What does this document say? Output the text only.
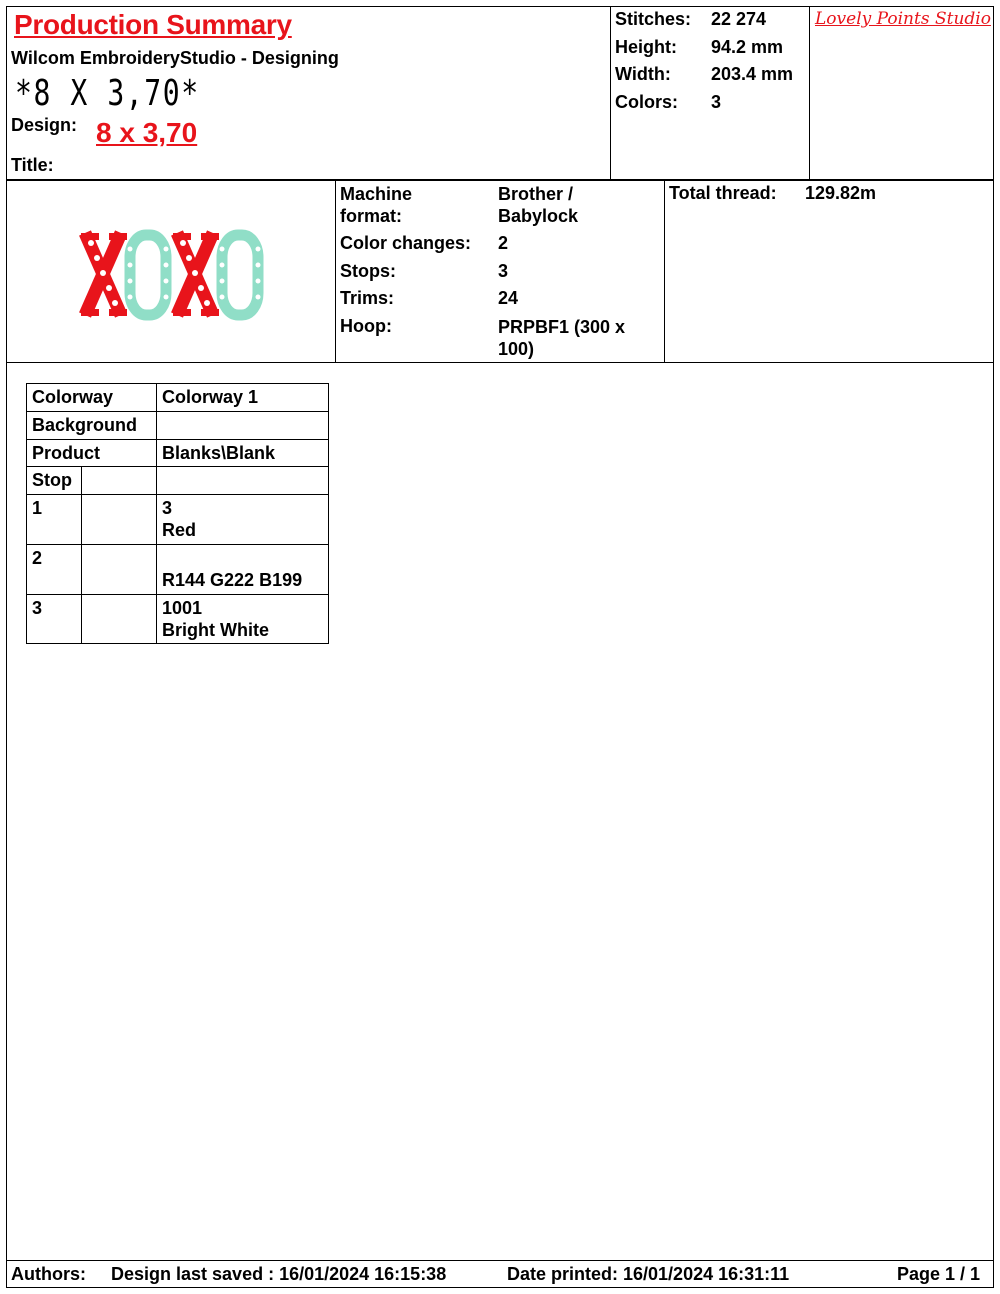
Production Summary
Wilcom EmbroideryStudio - Designing
*8 X 3,70*
Design: 8 x 3,70
Title:
Stitches: 22 274
Height: 94.2 mm
Width: 203.4 mm
Colors: 3
Lovely Points Studio
Machine
format:
Brother /
Babylock
Color changes: 2
Stops:	3
Trims:	24
Hoop:	PRPBF1 (300 x
100)
Total thread: 129.82m
Colorway		Colorway 1
Background		
Product		Blanks\Blank
Stop		
1		3
Red

2		R144 G222 B199

3		1001
Bright White
Authors: Design last saved : 16/01/2024 16:15:38	Date printed: 16/01/2024 16:31:11	Page 1 / 1
